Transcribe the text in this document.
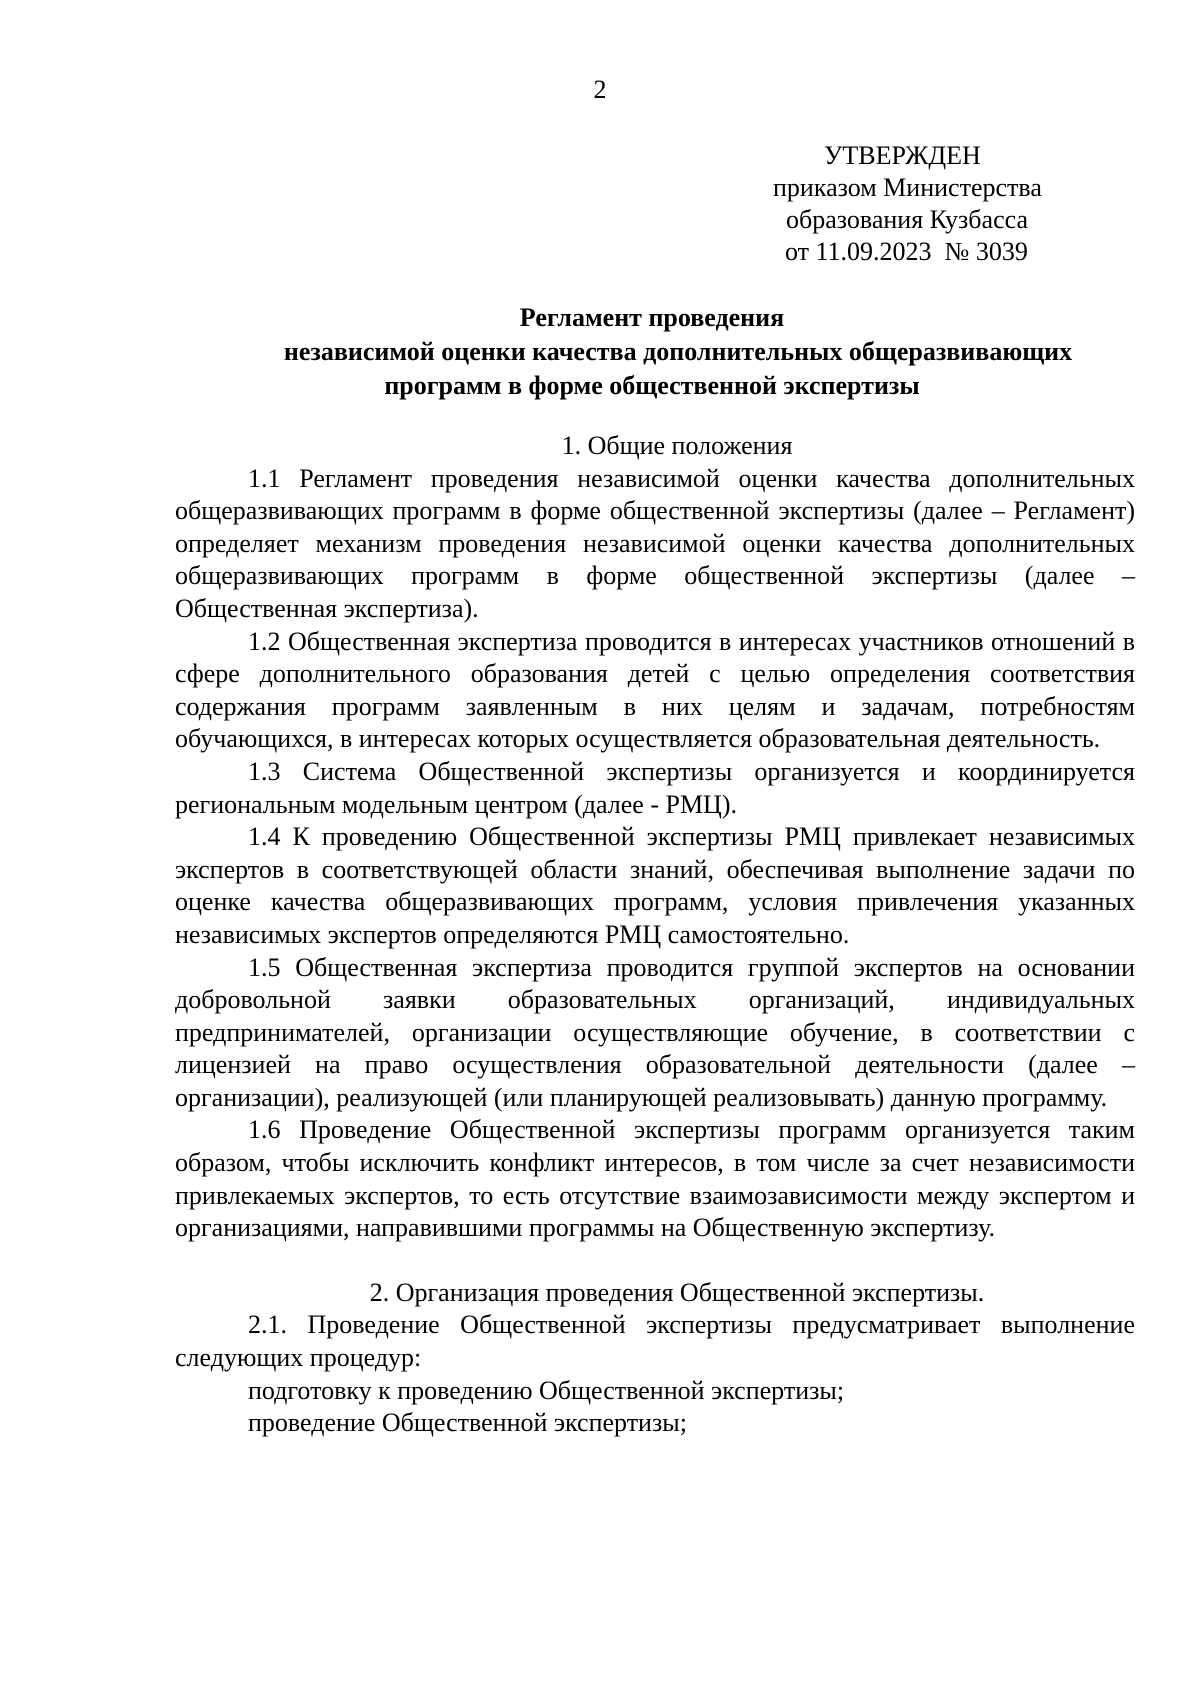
2
УТВЕРЖДЕН
приказом Министерства
образования Кузбасса
от 11.09.2023  № 3039
Регламент проведения
независимой оценки качества дополнительных общеразвивающих
программ в форме общественной экспертизы

1. Общие положения

1.1 Регламент проведения независимой оценки качества дополнительных общеразвивающих программ в форме общественной экспертизы (далее – Регламент) определяет механизм проведения независимой оценки качества дополнительных общеразвивающих программ в форме общественной экспертизы (далее – Общественная экспертиза).

1.2 Общественная экспертиза проводится в интересах участников отношений в сфере дополнительного образования детей с целью определения соответствия содержания программ заявленным в них целям и задачам, потребностям обучающихся, в интересах которых осуществляется образовательная деятельность.

1.3 Система Общественной экспертизы организуется и координируется региональным модельным центром (далее - РМЦ).

1.4 К проведению Общественной экспертизы РМЦ привлекает независимых экспертов в соответствующей области знаний, обеспечивая выполнение задачи по оценке качества общеразвивающих программ, условия привлечения указанных независимых экспертов определяются РМЦ самостоятельно.

1.5 Общественная экспертиза проводится группой экспертов на основании добровольной заявки образовательных организаций, индивидуальных предпринимателей, организации осуществляющие обучение, в соответствии с лицензией на право осуществления образовательной деятельности (далее – организации), реализующей (или планирующей реализовывать) данную программу.

1.6 Проведение Общественной экспертизы программ организуется таким образом, чтобы исключить конфликт интересов, в том числе за счет независимости привлекаемых экспертов, то есть отсутствие взаимозависимости между экспертом и организациями, направившими программы на Общественную экспертизу.

2. Организация проведения Общественной экспертизы.

2.1. Проведение Общественной экспертизы предусматривает выполнение следующих процедур:

подготовку к проведению Общественной экспертизы;

проведение Общественной экспертизы;
